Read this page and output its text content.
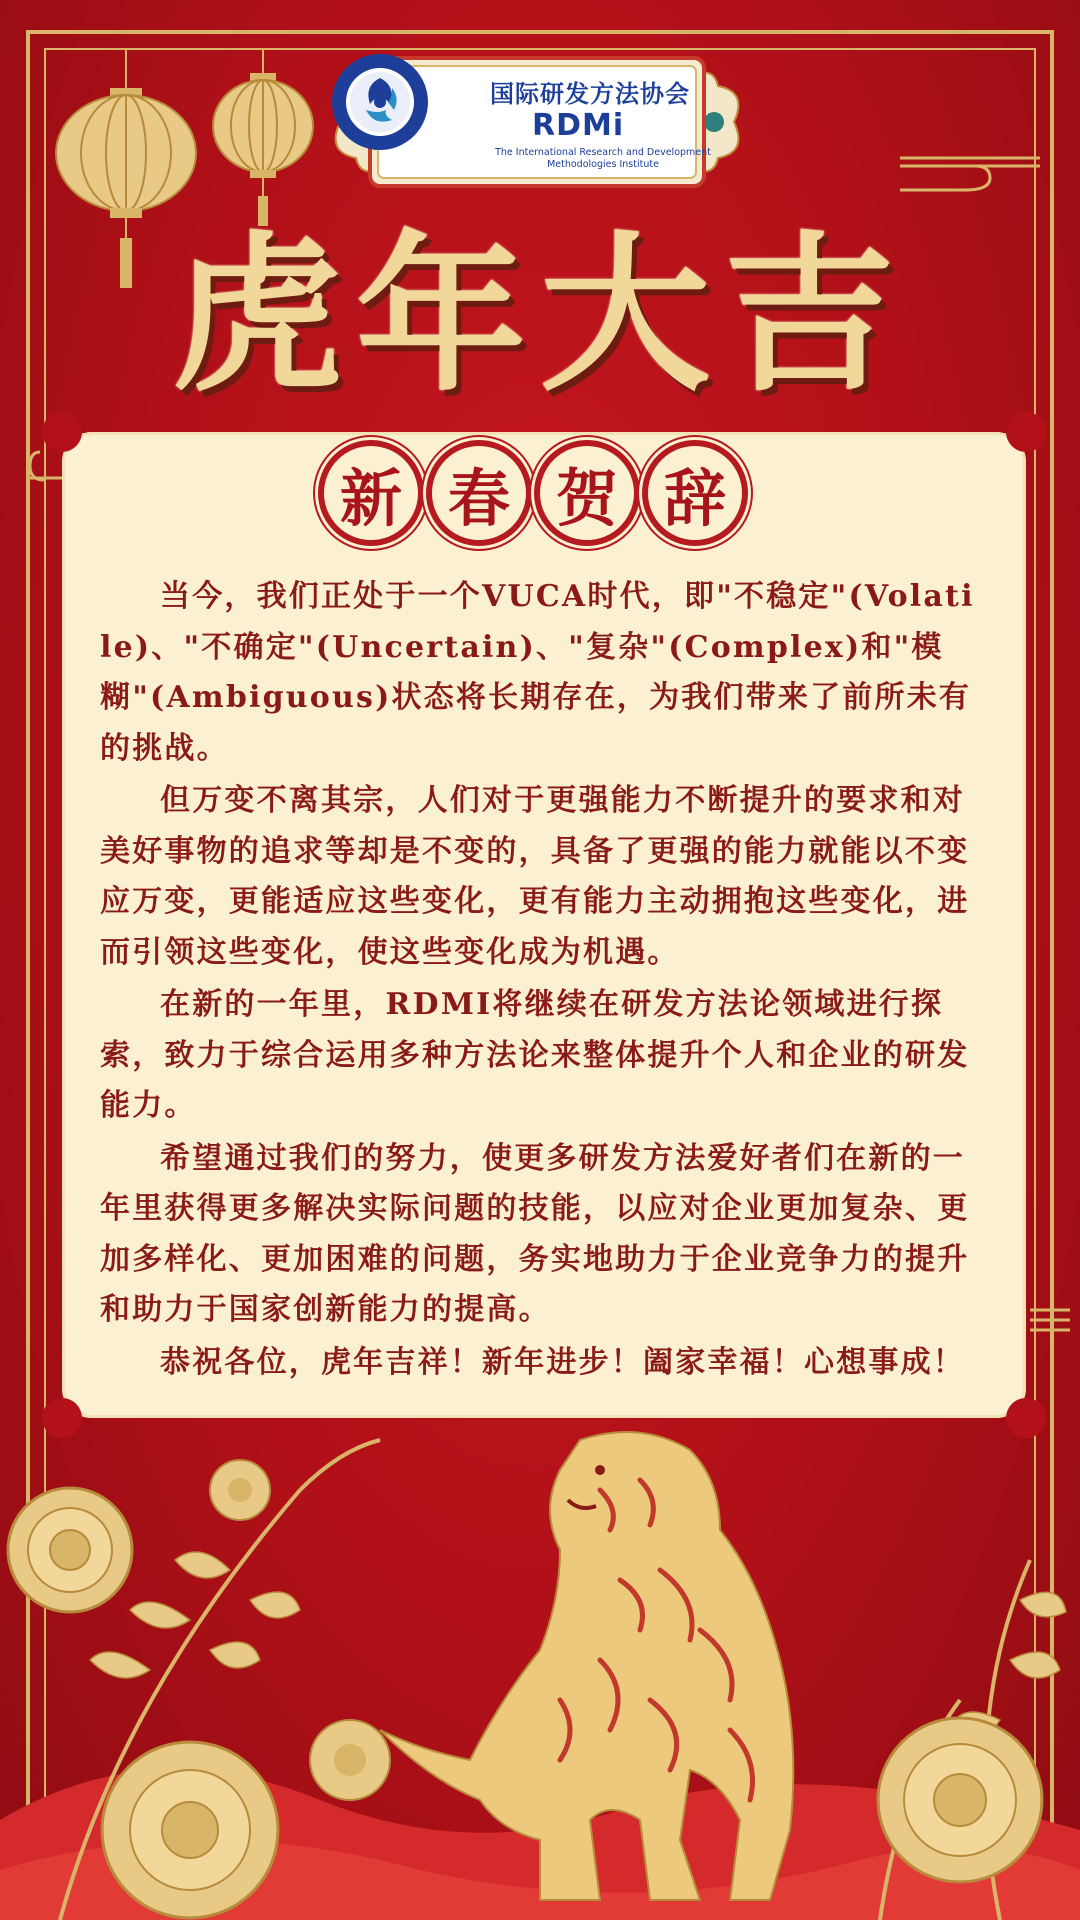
国际研发方法协会
RDMi
The International Research and Development Methodologies Institute
虎年大吉
新 春 贺 辞

当今，我们正处于一个VUCA时代，即"不稳定"(Volatile)、"不确定"(Uncertain)、"复杂"(Complex)和"模糊"(Ambiguous)状态将长期存在，为我们带来了前所未有的挑战。

但万变不离其宗，人们对于更强能力不断提升的要求和对美好事物的追求等却是不变的，具备了更强的能力就能以不变应万变，更能适应这些变化，更有能力主动拥抱这些变化，进而引领这些变化，使这些变化成为机遇。

在新的一年里，RDMI将继续在研发方法论领域进行探索，致力于综合运用多种方法论来整体提升个人和企业的研发能力。

希望通过我们的努力，使更多研发方法爱好者们在新的一年里获得更多解决实际问题的技能，以应对企业更加复杂、更加多样化、更加困难的问题，务实地助力于企业竞争力的提升和助力于国家创新能力的提高。

恭祝各位，虎年吉祥！新年进步！阖家幸福！心想事成！
